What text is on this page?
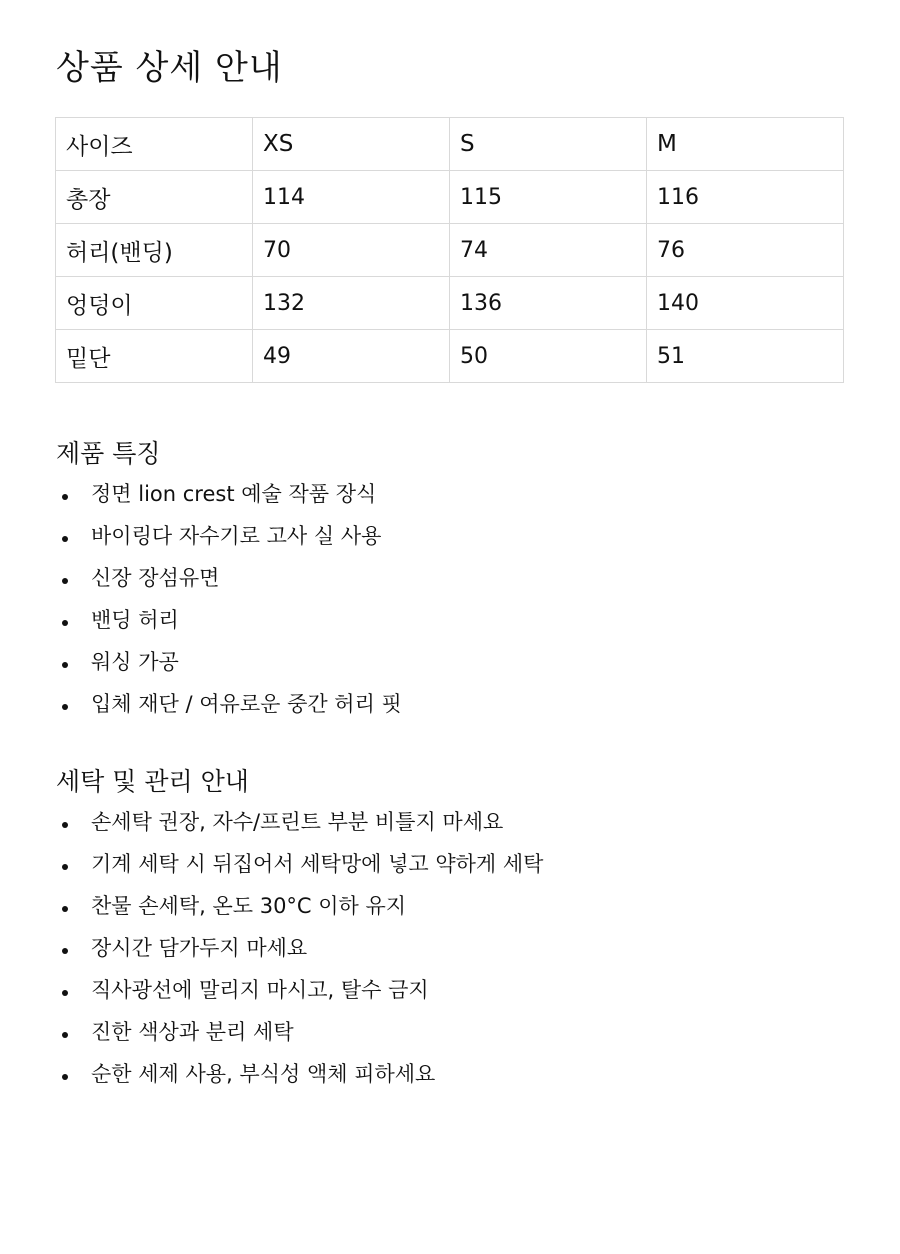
상품 상세 안내
사이즈	XS	S	M
총장	114	115	116
허리(밴딩)	70	74	76
엉덩이	132	136	140
밑단	49	50	51
제품 특징
정면 lion crest 예술 작품 장식
바이링다 자수기로 고사 실 사용
신장 장섬유면
밴딩 허리
워싱 가공
입체 재단 / 여유로운 중간 허리 핏
세탁 및 관리 안내
손세탁 권장, 자수/프린트 부분 비틀지 마세요
기계 세탁 시 뒤집어서 세탁망에 넣고 약하게 세탁
찬물 손세탁, 온도 30°C 이하 유지
장시간 담가두지 마세요
직사광선에 말리지 마시고, 탈수 금지
진한 색상과 분리 세탁
순한 세제 사용, 부식성 액체 피하세요
